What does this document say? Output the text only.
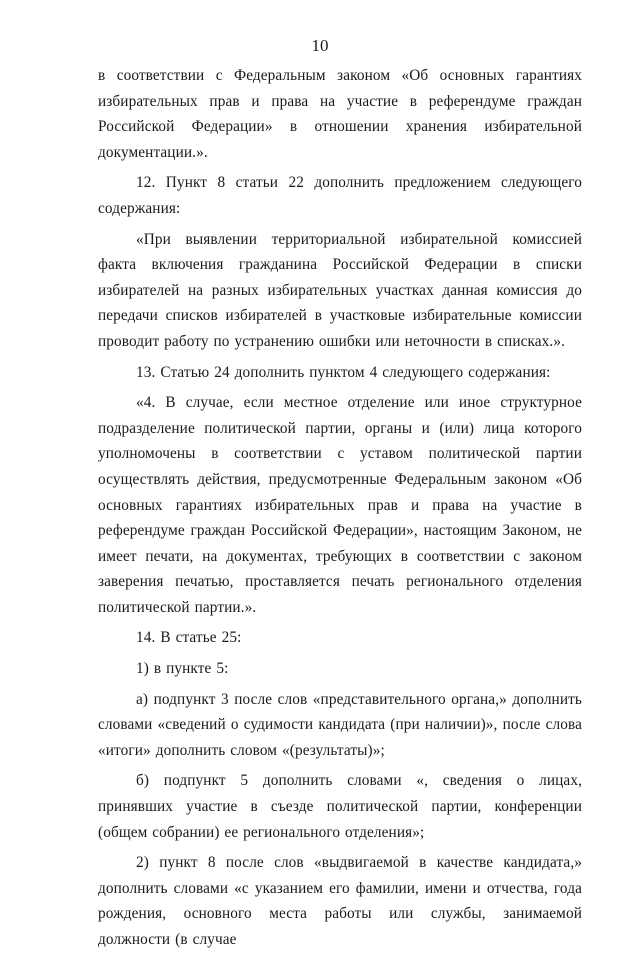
10

в соответствии с Федеральным законом «Об основных гарантиях избирательных прав и права на участие в референдуме граждан Российской Федерации» в отношении хранения избирательной документации.».

12. Пункт 8 статьи 22 дополнить предложением следующего содержания:

«При выявлении территориальной избирательной комиссией факта включения гражданина Российской Федерации в списки избирателей на разных избирательных участках данная комиссия до передачи списков избирателей в участковые избирательные комиссии проводит работу по устранению ошибки или неточности в списках.».

13. Статью 24 дополнить пунктом 4 следующего содержания:

«4. В случае, если местное отделение или иное структурное подразделение политической партии, органы и (или) лица которого уполномочены в соответствии с уставом политической партии осуществлять действия, предусмотренные Федеральным законом «Об основных гарантиях избирательных прав и права на участие в референдуме граждан Российской Федерации», настоящим Законом, не имеет печати, на документах, требующих в соответствии с законом заверения печатью, проставляется печать регионального отделения политической партии.».

14. В статье 25:

1) в пункте 5:

а) подпункт 3 после слов «представительного органа,» дополнить словами «сведений о судимости кандидата (при наличии)», после слова «итоги» дополнить словом «(результаты)»;

б) подпункт 5 дополнить словами «, сведения о лицах, принявших участие в съезде политической партии, конференции (общем собрании) ее регионального отделения»;

2) пункт 8 после слов «выдвигаемой в качестве кандидата,» дополнить словами «с указанием его фамилии, имени и отчества, года рождения, основного места работы или службы, занимаемой должности (в случае
